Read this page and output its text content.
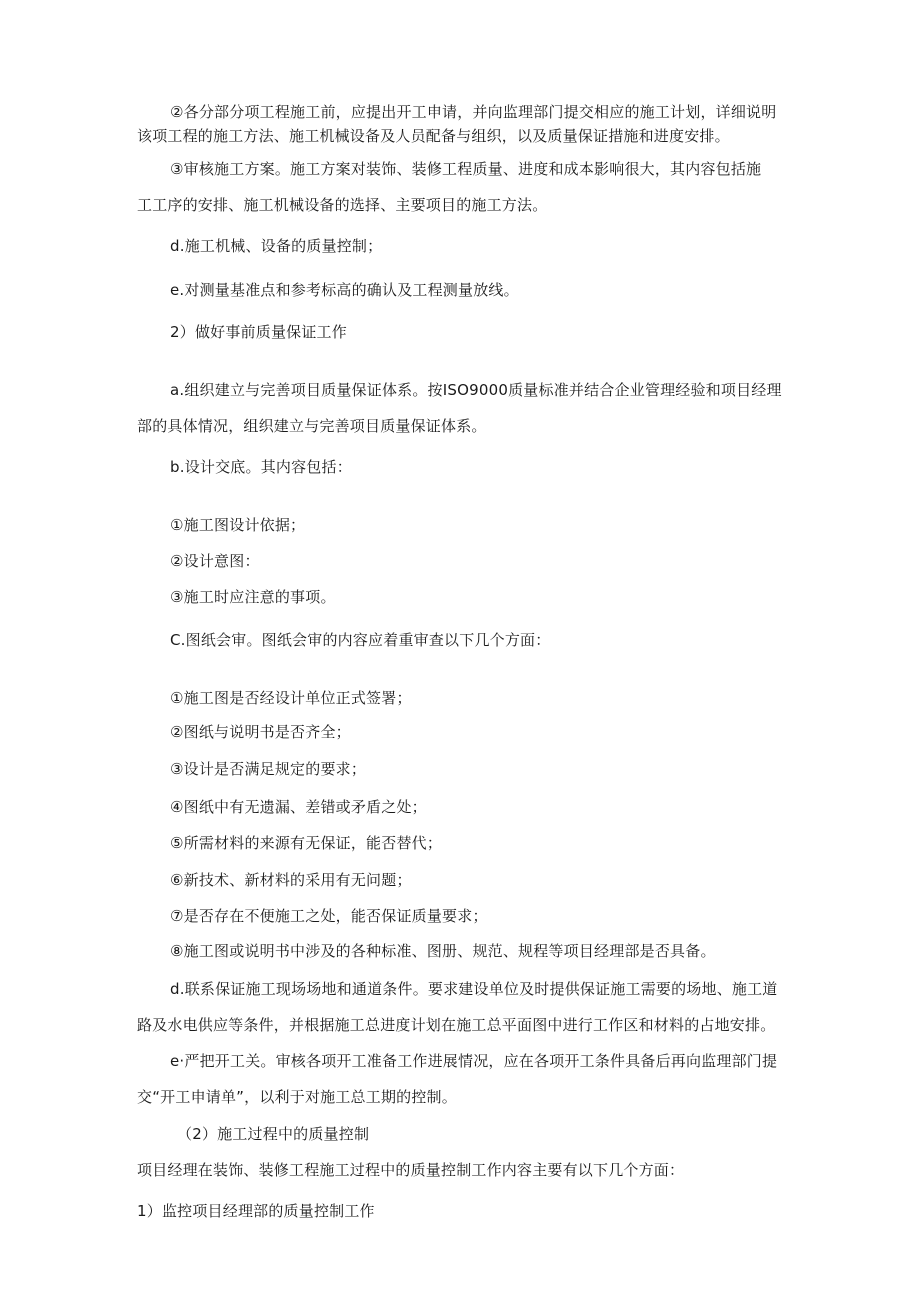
②各分部分项工程施工前，应提出开工申请，并向监理部门提交相应的施工计划，详细说明
该项工程的施工方法、施工机械设备及人员配备与组织，以及质量保证措施和进度安排。
③审核施工方案。施工方案对装饰、装修工程质量、进度和成本影响很大，其内容包括施
工工序的安排、施工机械设备的选择、主要项目的施工方法。
d.施工机械、设备的质量控制；
e.对测量基准点和参考标高的确认及工程测量放线。
2）做好事前质量保证工作
a.组织建立与完善项目质量保证体系。按ISO9000质量标准并结合企业管理经验和项目经理
部的具体情况，组织建立与完善项目质量保证体系。
b.设计交底。其内容包括：
①施工图设计依据；
②设计意图：
③施工时应注意的事项。
C.图纸会审。图纸会审的内容应着重审查以下几个方面：
①施工图是否经设计单位正式签署；
②图纸与说明书是否齐全；
③设计是否满足规定的要求；
④图纸中有无遗漏、差错或矛盾之处；
⑤所需材料的来源有无保证，能否替代；
⑥新技术、新材料的采用有无问题；
⑦是否存在不便施工之处，能否保证质量要求；
⑧施工图或说明书中涉及的各种标准、图册、规范、规程等项目经理部是否具备。
d.联系保证施工现场场地和通道条件。要求建设单位及时提供保证施工需要的场地、施工道
路及水电供应等条件，并根据施工总进度计划在施工总平面图中进行工作区和材料的占地安排。
e·严把开工关。审核各项开工准备工作进展情况，应在各项开工条件具备后再向监理部门提
交“开工申请单”，以利于对施工总工期的控制。
（2）施工过程中的质量控制
项目经理在装饰、装修工程施工过程中的质量控制工作内容主要有以下几个方面：
1）监控项目经理部的质量控制工作
